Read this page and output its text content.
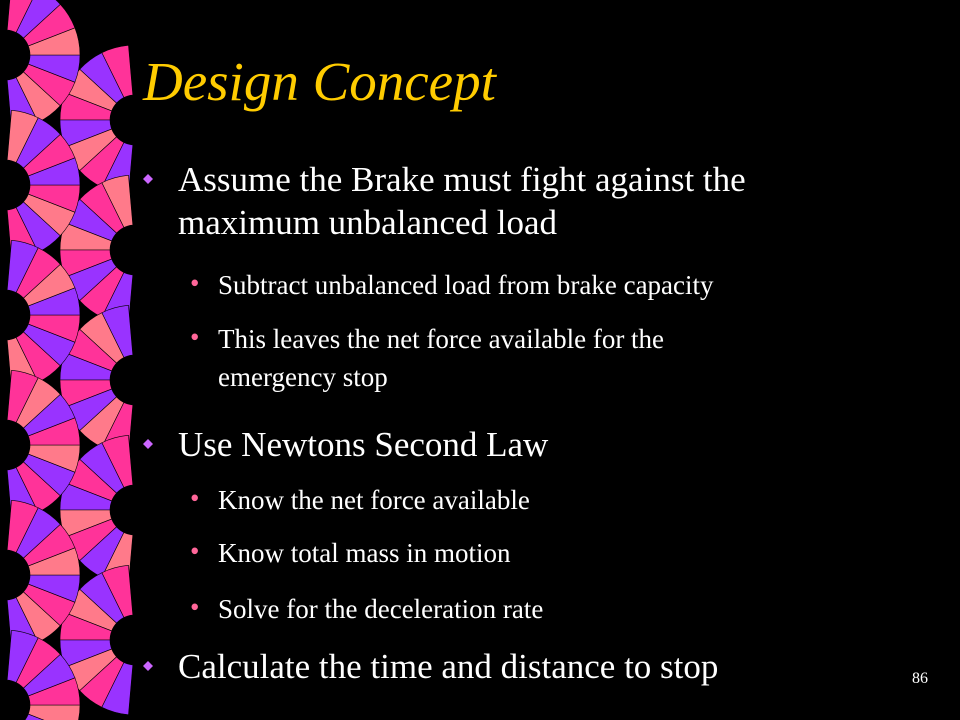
Design Concept
Assume the Brake must fight against the
maximum unbalanced load
• Subtract unbalanced load from brake capacity
• This leaves the net force available for the
emergency stop
Use Newtons Second Law
• Know the net force available
• Know total mass in motion
• Solve for the deceleration rate
Calculate the time and distance to stop	86
